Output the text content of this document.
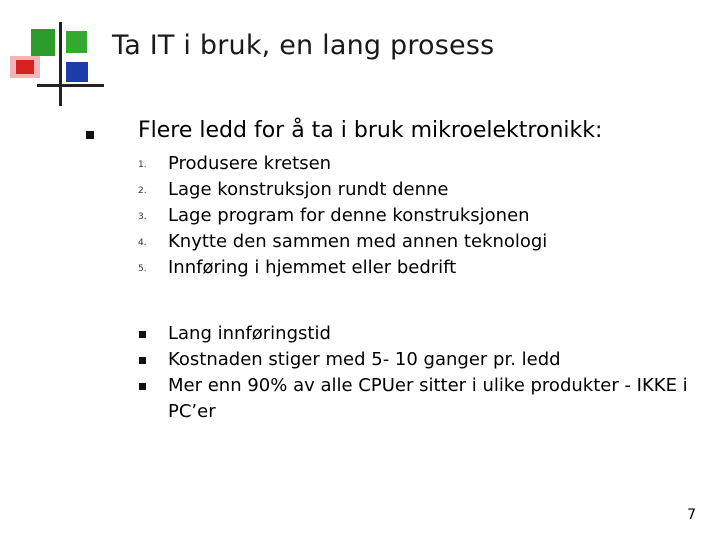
Ta IT i bruk, en lang prosess
Flere ledd for å ta i bruk mikroelektronikk:
1. Produsere kretsen
2. Lage konstruksjon rundt denne
3. Lage program for denne konstruksjonen
4. Knytte den sammen med annen teknologi
5. Innføring i hjemmet eller bedrift
Lang innføringstid
Kostnaden stiger med 5- 10 ganger pr. ledd
Mer enn 90% av alle CPUer sitter i ulike produkter - IKKE i PC’er
7
